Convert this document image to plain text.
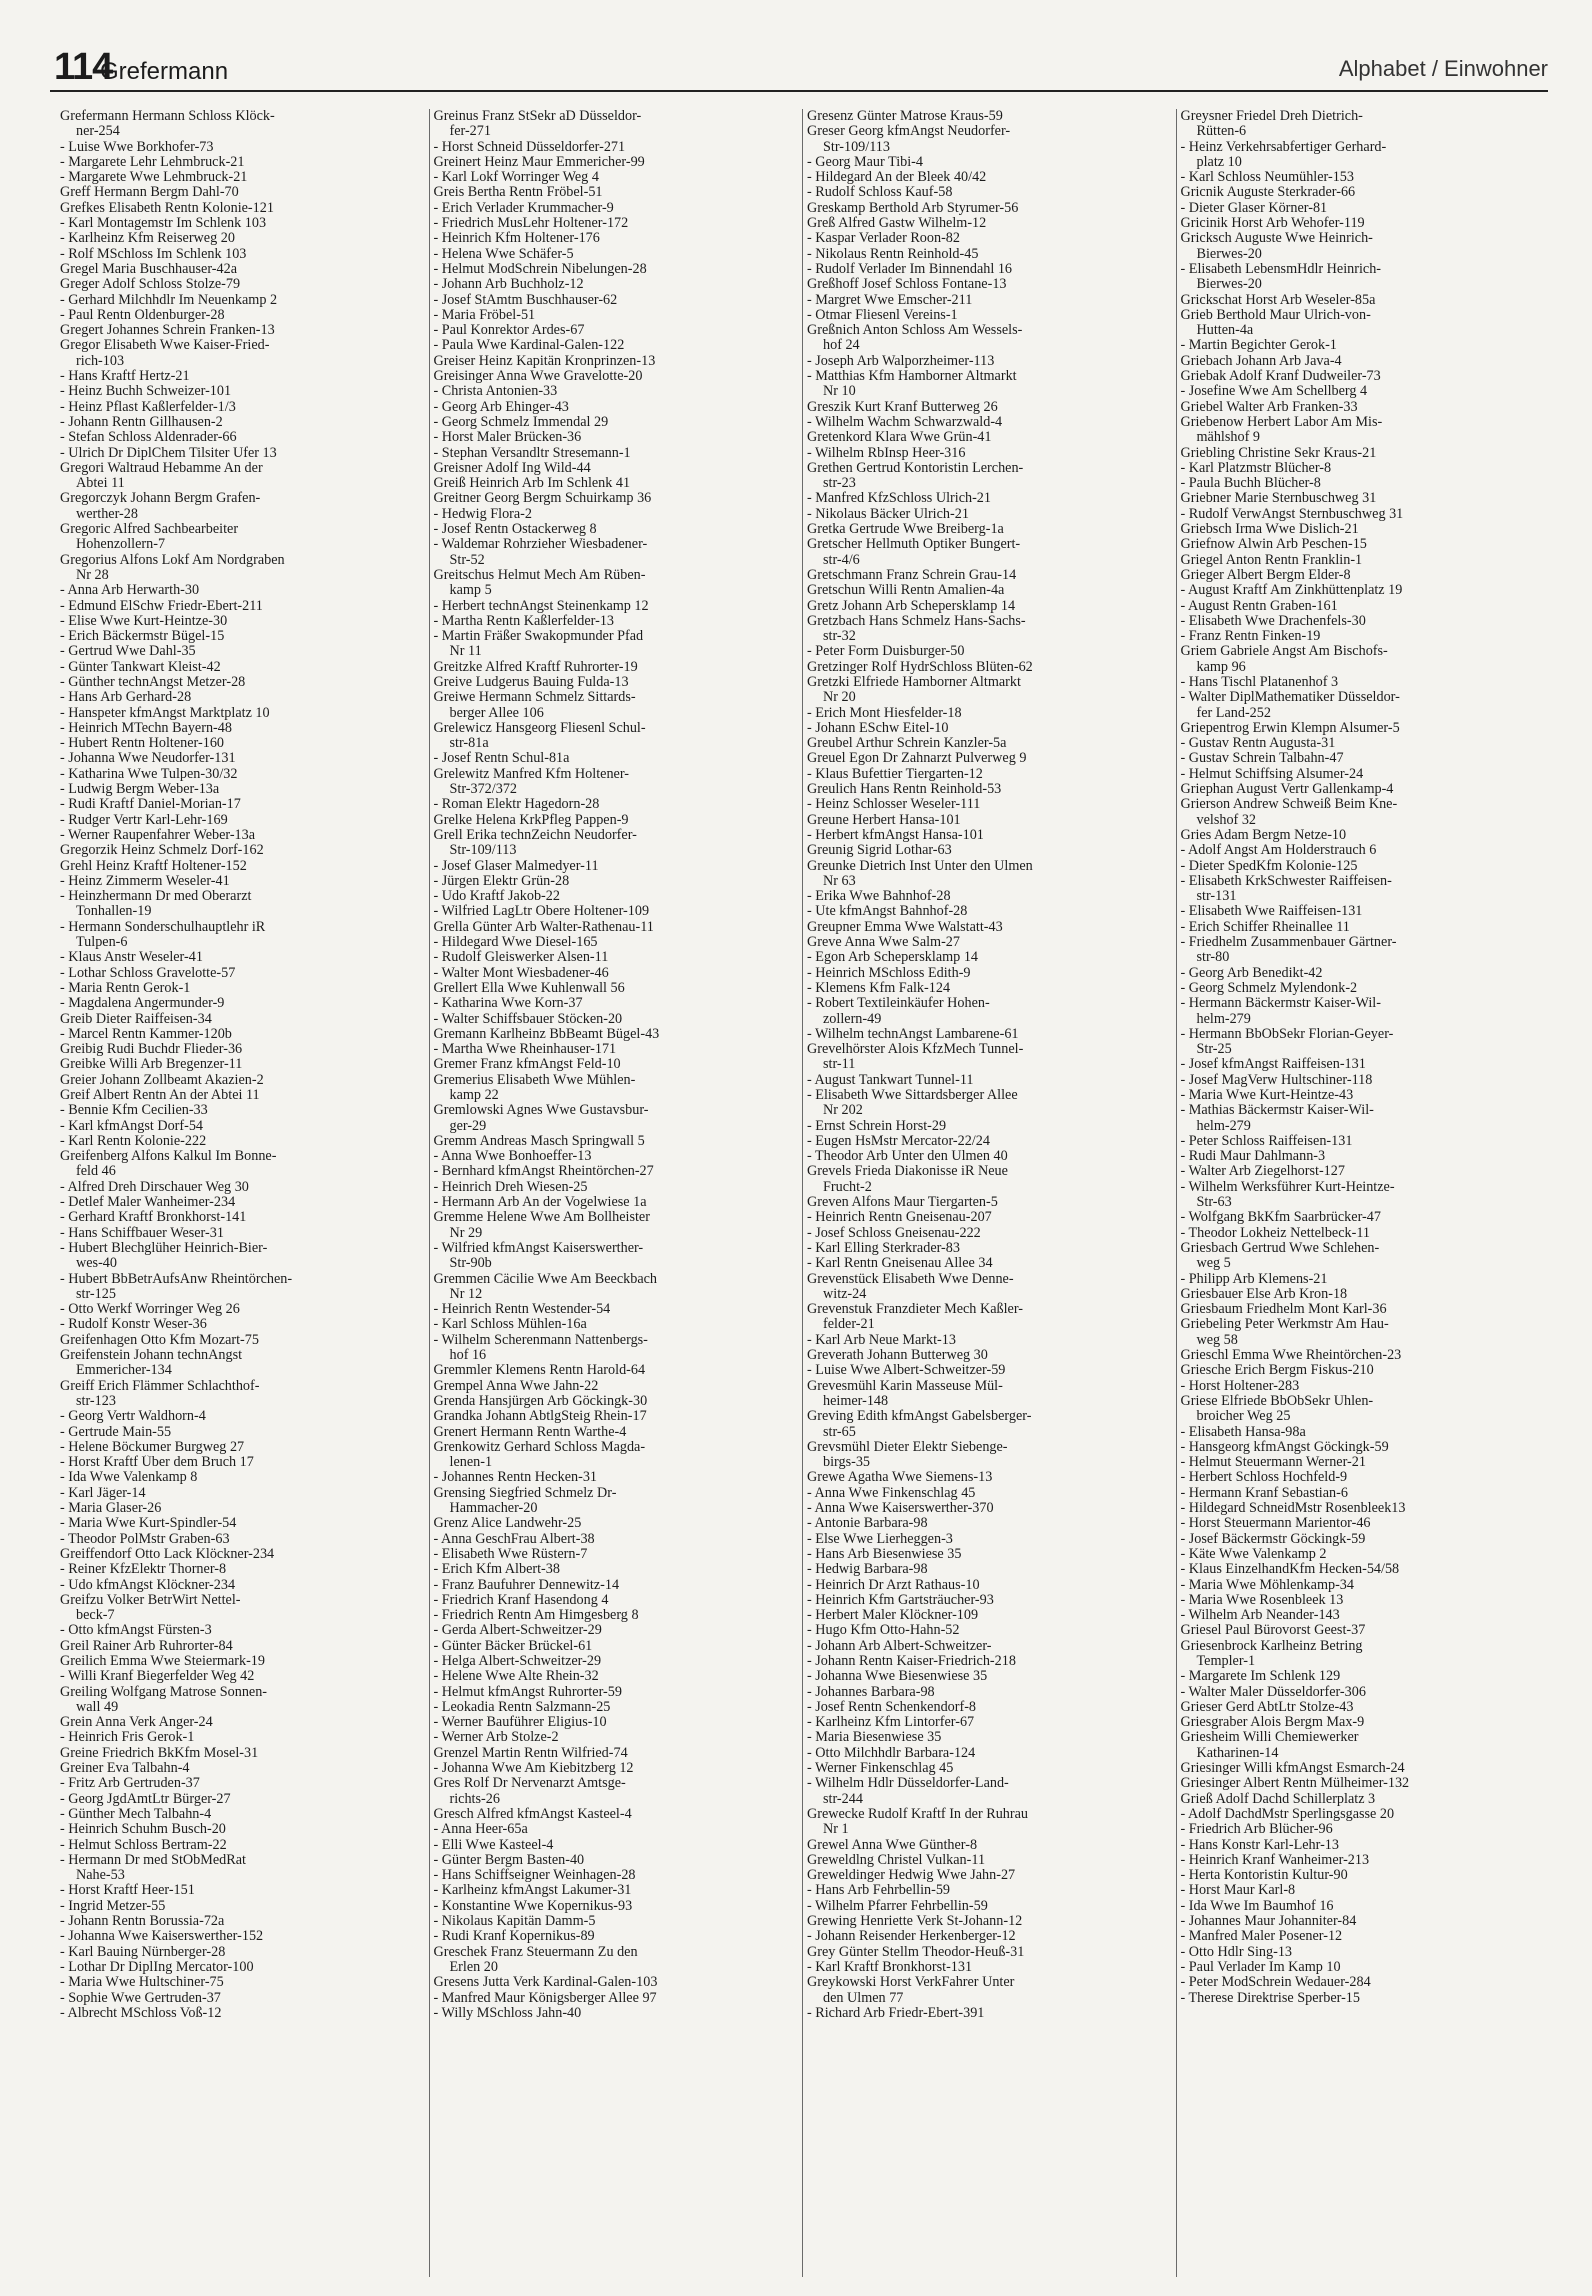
114
Grefermann	Alphabet / Einwohner
Grefermann Hermann Schloss Klöck-
ner-254
- Luise Wwe Borkhofer-73
- Margarete Lehr Lehmbruck-21
- Margarete Wwe Lehmbruck-21
Greff Hermann Bergm Dahl-70
Grefkes Elisabeth Rentn Kolonie-121
- Karl Montagemstr Im Schlenk 103
- Karlheinz Kfm Reiserweg 20
- Rolf MSchloss Im Schlenk 103
Gregel Maria Buschhauser-42a
Greger Adolf Schloss Stolze-79
- Gerhard Milchhdlr Im Neuenkamp 2
- Paul Rentn Oldenburger-28
Gregert Johannes Schrein Franken-13
Gregor Elisabeth Wwe Kaiser-Fried-
rich-103
- Hans Kraftf Hertz-21
- Heinz Buchh Schweizer-101
- Heinz Pflast Kaßlerfelder-1/3
- Johann Rentn Gillhausen-2
- Stefan Schloss Aldenrader-66
- Ulrich Dr DiplChem Tilsiter Ufer 13
Gregori Waltraud Hebamme An der
Abtei 11
Gregorczyk Johann Bergm Grafen-
werther-28
Gregoric Alfred Sachbearbeiter
Hohenzollern-7
Gregorius Alfons Lokf Am Nordgraben
Nr 28
- Anna Arb Herwarth-30
- Edmund ElSchw Friedr-Ebert-211
- Elise Wwe Kurt-Heintze-30
- Erich Bäckermstr Bügel-15
- Gertrud Wwe Dahl-35
- Günter Tankwart Kleist-42
- Günther technAngst Metzer-28
- Hans Arb Gerhard-28
- Hanspeter kfmAngst Marktplatz 10
- Heinrich MTechn Bayern-48
- Hubert Rentn Holtener-160
- Johanna Wwe Neudorfer-131
- Katharina Wwe Tulpen-30/32
- Ludwig Bergm Weber-13a
- Rudi Kraftf Daniel-Morian-17
- Rudger Vertr Karl-Lehr-169
- Werner Raupenfahrer Weber-13a
Gregorzik Heinz Schmelz Dorf-162
Grehl Heinz Kraftf Holtener-152
- Heinz Zimmerm Weseler-41
- Heinzhermann Dr med Oberarzt
Tonhallen-19
- Hermann Sonderschulhauptlehr iR
Tulpen-6
- Klaus Anstr Weseler-41
- Lothar Schloss Gravelotte-57
- Maria Rentn Gerok-1
- Magdalena Angermunder-9
Greib Dieter Raiffeisen-34
- Marcel Rentn Kammer-120b
Greibig Rudi Buchdr Flieder-36
Greibke Willi Arb Bregenzer-11
Greier Johann Zollbeamt Akazien-2
Greif Albert Rentn An der Abtei 11
- Bennie Kfm Cecilien-33
- Karl kfmAngst Dorf-54
- Karl Rentn Kolonie-222
Greifenberg Alfons Kalkul Im Bonne-
feld 46
- Alfred Dreh Dirschauer Weg 30
- Detlef Maler Wanheimer-234
- Gerhard Kraftf Bronkhorst-141
- Hans Schiffbauer Weser-31
- Hubert Blechglüher Heinrich-Bier-
wes-40
- Hubert BbBetrAufsAnw Rheintörchen-
str-125
- Otto Werkf Worringer Weg 26
- Rudolf Konstr Weser-36
Greifenhagen Otto Kfm Mozart-75
Greifenstein Johann technAngst
Emmericher-134
Greiff Erich Flämmer Schlachthof-
str-123
- Georg Vertr Waldhorn-4
- Gertrude Main-55
- Helene Böckumer Burgweg 27
- Horst Kraftf Über dem Bruch 17
- Ida Wwe Valenkamp 8
- Karl Jäger-14
- Maria Glaser-26
- Maria Wwe Kurt-Spindler-54
- Theodor PolMstr Graben-63
Greiffendorf Otto Lack Klöckner-234
- Reiner KfzElektr Thorner-8
- Udo kfmAngst Klöckner-234
Greifzu Volker BetrWirt Nettel-
beck-7
- Otto kfmAngst Fürsten-3
Greil Rainer Arb Ruhrorter-84
Greilich Emma Wwe Steiermark-19
- Willi Kranf Biegerfelder Weg 42
Greiling Wolfgang Matrose Sonnen-
wall 49
Grein Anna Verk Anger-24
- Heinrich Fris Gerok-1
Greine Friedrich BkKfm Mosel-31
Greiner Eva Talbahn-4
- Fritz Arb Gertruden-37
- Georg JgdAmtLtr Bürger-27
- Günther Mech Talbahn-4
- Heinrich Schuhm Busch-20
- Helmut Schloss Bertram-22
- Hermann Dr med StObMedRat
Nahe-53
- Horst Kraftf Heer-151
- Ingrid Metzer-55
- Johann Rentn Borussia-72a
- Johanna Wwe Kaiserswerther-152
- Karl Bauing Nürnberger-28
- Lothar Dr DiplIng Mercator-100
- Maria Wwe Hultschiner-75
- Sophie Wwe Gertruden-37
- Albrecht MSchloss Voß-12
Greinus Franz StSekr aD Düsseldor-
fer-271
- Horst Schneid Düsseldorfer-271
Greinert Heinz Maur Emmericher-99
- Karl Lokf Worringer Weg 4
Greis Bertha Rentn Fröbel-51
- Erich Verlader Krummacher-9
- Friedrich MusLehr Holtener-172
- Heinrich Kfm Holtener-176
- Helena Wwe Schäfer-5
- Helmut ModSchrein Nibelungen-28
- Johann Arb Buchholz-12
- Josef StAmtm Buschhauser-62
- Maria Fröbel-51
- Paul Konrektor Ardes-67
- Paula Wwe Kardinal-Galen-122
Greiser Heinz Kapitän Kronprinzen-13
Greisinger Anna Wwe Gravelotte-20
- Christa Antonien-33
- Georg Arb Ehinger-43
- Georg Schmelz Immendal 29
- Horst Maler Brücken-36
- Stephan Versandltr Stresemann-1
Greisner Adolf Ing Wild-44
Greiß Heinrich Arb Im Schlenk 41
Greitner Georg Bergm Schuirkamp 36
- Hedwig Flora-2
- Josef Rentn Ostackerweg 8
- Waldemar Rohrzieher Wiesbadener-
Str-52
Greitschus Helmut Mech Am Rüben-
kamp 5
- Herbert technAngst Steinenkamp 12
- Martha Rentn Kaßlerfelder-13
- Martin Fräßer Swakopmunder Pfad
Nr 11
Greitzke Alfred Kraftf Ruhrorter-19
Greive Ludgerus Bauing Fulda-13
Greiwe Hermann Schmelz Sittards-
berger Allee 106
Grelewicz Hansgeorg Fliesenl Schul-
str-81a
- Josef Rentn Schul-81a
Grelewitz Manfred Kfm Holtener-
Str-372/372
- Roman Elektr Hagedorn-28
Grelke Helena KrkPfleg Pappen-9
Grell Erika technZeichn Neudorfer-
Str-109/113
- Josef Glaser Malmedyer-11
- Jürgen Elektr Grün-28
- Udo Kraftf Jakob-22
- Wilfried LagLtr Obere Holtener-109
Grella Günter Arb Walter-Rathenau-11
- Hildegard Wwe Diesel-165
- Rudolf Gleiswerker Alsen-11
- Walter Mont Wiesbadener-46
Grellert Ella Wwe Kuhlenwall 56
- Katharina Wwe Korn-37
- Walter Schiffsbauer Stöcken-20
Gremann Karlheinz BbBeamt Bügel-43
- Martha Wwe Rheinhauser-171
Gremer Franz kfmAngst Feld-10
Gremerius Elisabeth Wwe Mühlen-
kamp 22
Gremlowski Agnes Wwe Gustavsbur-
ger-29
Gremm Andreas Masch Springwall 5
- Anna Wwe Bonhoeffer-13
- Bernhard kfmAngst Rheintörchen-27
- Heinrich Dreh Wiesen-25
- Hermann Arb An der Vogelwiese 1a
Gremme Helene Wwe Am Bollheister
Nr 29
- Wilfried kfmAngst Kaiserswerther-
Str-90b
Gremmen Cäcilie Wwe Am Beeckbach
Nr 12
- Heinrich Rentn Westender-54
- Karl Schloss Mühlen-16a
- Wilhelm Scherenmann Nattenbergs-
hof 16
Gremmler Klemens Rentn Harold-64
Grempel Anna Wwe Jahn-22
Grenda Hansjürgen Arb Göckingk-30
Grandka Johann AbtlgSteig Rhein-17
Grenert Hermann Rentn Warthe-4
Grenkowitz Gerhard Schloss Magda-
lenen-1
- Johannes Rentn Hecken-31
Grensing Siegfried Schmelz Dr-
Hammacher-20
Grenz Alice Landwehr-25
- Anna GeschFrau Albert-38
- Elisabeth Wwe Rüstern-7
- Erich Kfm Albert-38
- Franz Baufuhrer Dennewitz-14
- Friedrich Kranf Hasendong 4
- Friedrich Rentn Am Himgesberg 8
- Gerda Albert-Schweitzer-29
- Günter Bäcker Brückel-61
- Helga Albert-Schweitzer-29
- Helene Wwe Alte Rhein-32
- Helmut kfmAngst Ruhrorter-59
- Leokadia Rentn Salzmann-25
- Werner Bauführer Eligius-10
- Werner Arb Stolze-2
Grenzel Martin Rentn Wilfried-74
- Johanna Wwe Am Kiebitzberg 12
Gres Rolf Dr Nervenarzt Amtsge-
richts-26
Gresch Alfred kfmAngst Kasteel-4
- Anna Heer-65a
- Elli Wwe Kasteel-4
- Günter Bergm Basten-40
- Hans Schiffseigner Weinhagen-28
- Karlheinz kfmAngst Lakumer-31
- Konstantine Wwe Kopernikus-93
- Nikolaus Kapitän Damm-5
- Rudi Kranf Kopernikus-89
Greschek Franz Steuermann Zu den
Erlen 20
Gresens Jutta Verk Kardinal-Galen-103
- Manfred Maur Königsberger Allee 97
- Willy MSchloss Jahn-40
Gresenz Günter Matrose Kraus-59
Greser Georg kfmAngst Neudorfer-
Str-109/113
- Georg Maur Tibi-4
- Hildegard An der Bleek 40/42
- Rudolf Schloss Kauf-58
Greskamp Berthold Arb Styrumer-56
Greß Alfred Gastw Wilhelm-12
- Kaspar Verlader Roon-82
- Nikolaus Rentn Reinhold-45
- Rudolf Verlader Im Binnendahl 16
Greßhoff Josef Schloss Fontane-13
- Margret Wwe Emscher-211
- Otmar Fliesenl Vereins-1
Greßnich Anton Schloss Am Wessels-
hof 24
- Joseph Arb Walporzheimer-113
- Matthias Kfm Hamborner Altmarkt
Nr 10
Greszik Kurt Kranf Butterweg 26
- Wilhelm Wachm Schwarzwald-4
Gretenkord Klara Wwe Grün-41
- Wilhelm RbInsp Heer-316
Grethen Gertrud Kontoristin Lerchen-
str-23
- Manfred KfzSchloss Ulrich-21
- Nikolaus Bäcker Ulrich-21
Gretka Gertrude Wwe Breiberg-1a
Gretscher Hellmuth Optiker Bungert-
str-4/6
Gretschmann Franz Schrein Grau-14
Gretschun Willi Rentn Amalien-4a
Gretz Johann Arb Schepersklamp 14
Gretzbach Hans Schmelz Hans-Sachs-
str-32
- Peter Form Duisburger-50
Gretzinger Rolf HydrSchloss Blüten-62
Gretzki Elfriede Hamborner Altmarkt
Nr 20
- Erich Mont Hiesfelder-18
- Johann ESchw Eitel-10
Greubel Arthur Schrein Kanzler-5a
Greuel Egon Dr Zahnarzt Pulverweg 9
- Klaus Bufettier Tiergarten-12
Greulich Hans Rentn Reinhold-53
- Heinz Schlosser Weseler-111
Greune Herbert Hansa-101
- Herbert kfmAngst Hansa-101
Greunig Sigrid Lothar-63
Greunke Dietrich Inst Unter den Ulmen
Nr 63
- Erika Wwe Bahnhof-28
- Ute kfmAngst Bahnhof-28
Greupner Emma Wwe Walstatt-43
Greve Anna Wwe Salm-27
- Egon Arb Schepersklamp 14
- Heinrich MSchloss Edith-9
- Klemens Kfm Falk-124
- Robert Textileinkäufer Hohen-
zollern-49
- Wilhelm technAngst Lambarene-61
Grevelhörster Alois KfzMech Tunnel-
str-11
- August Tankwart Tunnel-11
- Elisabeth Wwe Sittardsberger Allee
Nr 202
- Ernst Schrein Horst-29
- Eugen HsMstr Mercator-22/24
- Theodor Arb Unter den Ulmen 40
Grevels Frieda Diakonisse iR Neue
Frucht-2
Greven Alfons Maur Tiergarten-5
- Heinrich Rentn Gneisenau-207
- Josef Schloss Gneisenau-222
- Karl Elling Sterkrader-83
- Karl Rentn Gneisenau Allee 34
Grevenstück Elisabeth Wwe Denne-
witz-24
Grevenstuk Franzdieter Mech Kaßler-
felder-21
- Karl Arb Neue Markt-13
Greverath Johann Butterweg 30
- Luise Wwe Albert-Schweitzer-59
Grevesmühl Karin Masseuse Mül-
heimer-148
Greving Edith kfmAngst Gabelsberger-
str-65
Grevsmühl Dieter Elektr Siebenge-
birgs-35
Grewe Agatha Wwe Siemens-13
- Anna Wwe Finkenschlag 45
- Anna Wwe Kaiserswerther-370
- Antonie Barbara-98
- Else Wwe Lierheggen-3
- Hans Arb Biesenwiese 35
- Hedwig Barbara-98
- Heinrich Dr Arzt Rathaus-10
- Heinrich Kfm Gartsträucher-93
- Herbert Maler Klöckner-109
- Hugo Kfm Otto-Hahn-52
- Johann Arb Albert-Schweitzer-
- Johann Rentn Kaiser-Friedrich-218
- Johanna Wwe Biesenwiese 35
- Johannes Barbara-98
- Josef Rentn Schenkendorf-8
- Karlheinz Kfm Lintorfer-67
- Maria Biesenwiese 35
- Otto Milchhdlr Barbara-124
- Werner Finkenschlag 45
- Wilhelm Hdlr Düsseldorfer-Land-
str-244
Grewecke Rudolf Kraftf In der Ruhrau
Nr 1
Grewel Anna Wwe Günther-8
Greweldlng Christel Vulkan-11
Greweldinger Hedwig Wwe Jahn-27
- Hans Arb Fehrbellin-59
- Wilhelm Pfarrer Fehrbellin-59
Grewing Henriette Verk St-Johann-12
- Johann Reisender Herkenberger-12
Grey Günter Stellm Theodor-Heuß-31
- Karl Kraftf Bronkhorst-131
Greykowski Horst VerkFahrer Unter
den Ulmen 77
- Richard Arb Friedr-Ebert-391
Greysner Friedel Dreh Dietrich-
Rütten-6
- Heinz Verkehrsabfertiger Gerhard-
platz 10
- Karl Schloss Neumühler-153
Gricnik Auguste Sterkrader-66
- Dieter Glaser Körner-81
Gricinik Horst Arb Wehofer-119
Gricksch Auguste Wwe Heinrich-
Bierwes-20
- Elisabeth LebensmHdlr Heinrich-
Bierwes-20
Grickschat Horst Arb Weseler-85a
Grieb Berthold Maur Ulrich-von-
Hutten-4a
- Martin Begichter Gerok-1
Griebach Johann Arb Java-4
Griebak Adolf Kranf Dudweiler-73
- Josefine Wwe Am Schellberg 4
Griebel Walter Arb Franken-33
Griebenow Herbert Labor Am Mis-
mählshof 9
Griebling Christine Sekr Kraus-21
- Karl Platzmstr Blücher-8
- Paula Buchh Blücher-8
Griebner Marie Sternbuschweg 31
- Rudolf VerwAngst Sternbuschweg 31
Griebsch Irma Wwe Dislich-21
Griefnow Alwin Arb Peschen-15
Griegel Anton Rentn Franklin-1
Grieger Albert Bergm Elder-8
- August Kraftf Am Zinkhüttenplatz 19
- August Rentn Graben-161
- Elisabeth Wwe Drachenfels-30
- Franz Rentn Finken-19
Griem Gabriele Angst Am Bischofs-
kamp 96
- Hans Tischl Platanenhof 3
- Walter DiplMathematiker Düsseldor-
fer Land-252
Griepentrog Erwin Klempn Alsumer-5
- Gustav Rentn Augusta-31
- Gustav Schrein Talbahn-47
- Helmut Schiffsing Alsumer-24
Griephan August Vertr Gallenkamp-4
Grierson Andrew Schweiß Beim Kne-
velshof 32
Gries Adam Bergm Netze-10
- Adolf Angst Am Holderstrauch 6
- Dieter SpedKfm Kolonie-125
- Elisabeth KrkSchwester Raiffeisen-
str-131
- Elisabeth Wwe Raiffeisen-131
- Erich Schiffer Rheinallee 11
- Friedhelm Zusammenbauer Gärtner-
str-80
- Georg Arb Benedikt-42
- Georg Schmelz Mylendonk-2
- Hermann Bäckermstr Kaiser-Wil-
helm-279
- Hermann BbObSekr Florian-Geyer-
Str-25
- Josef kfmAngst Raiffeisen-131
- Josef MagVerw Hultschiner-118
- Maria Wwe Kurt-Heintze-43
- Mathias Bäckermstr Kaiser-Wil-
helm-279
- Peter Schloss Raiffeisen-131
- Rudi Maur Dahlmann-3
- Walter Arb Ziegelhorst-127
- Wilhelm Werksführer Kurt-Heintze-
Str-63
- Wolfgang BkKfm Saarbrücker-47
- Theodor Lokheiz Nettelbeck-11
Griesbach Gertrud Wwe Schlehen-
weg 5
- Philipp Arb Klemens-21
Griesbauer Else Arb Kron-18
Griesbaum Friedhelm Mont Karl-36
Griebeling Peter Werkmstr Am Hau-
weg 58
Grieschl Emma Wwe Rheintörchen-23
Griesche Erich Bergm Fiskus-210
- Horst Holtener-283
Griese Elfriede BbObSekr Uhlen-
broicher Weg 25
- Elisabeth Hansa-98a
- Hansgeorg kfmAngst Göckingk-59
- Helmut Steuermann Werner-21
- Herbert Schloss Hochfeld-9
- Hermann Kranf Sebastian-6
- Hildegard SchneidMstr Rosenbleek13
- Horst Steuermann Marientor-46
- Josef Bäckermstr Göckingk-59
- Käte Wwe Valenkamp 2
- Klaus EinzelhandKfm Hecken-54/58
- Maria Wwe Möhlenkamp-34
- Maria Wwe Rosenbleek 13
- Wilhelm Arb Neander-143
Griesel Paul Bürovorst Geest-37
Griesenbrock Karlheinz Betring
Templer-1
- Margarete Im Schlenk 129
- Walter Maler Düsseldorfer-306
Grieser Gerd AbtLtr Stolze-43
Griesgraber Alois Bergm Max-9
Griesheim Willi Chemiewerker
Katharinen-14
Griesinger Willi kfmAngst Esmarch-24
Griesinger Albert Rentn Mülheimer-132
Grieß Adolf Dachd Schillerplatz 3
- Adolf DachdMstr Sperlingsgasse 20
- Friedrich Arb Blücher-96
- Hans Konstr Karl-Lehr-13
- Heinrich Kranf Wanheimer-213
- Herta Kontoristin Kultur-90
- Horst Maur Karl-8
- Ida Wwe Im Baumhof 16
- Johannes Maur Johanniter-84
- Manfred Maler Posener-12
- Otto Hdlr Sing-13
- Paul Verlader Im Kamp 10
- Peter ModSchrein Wedauer-284
- Therese Direktrise Sperber-15
